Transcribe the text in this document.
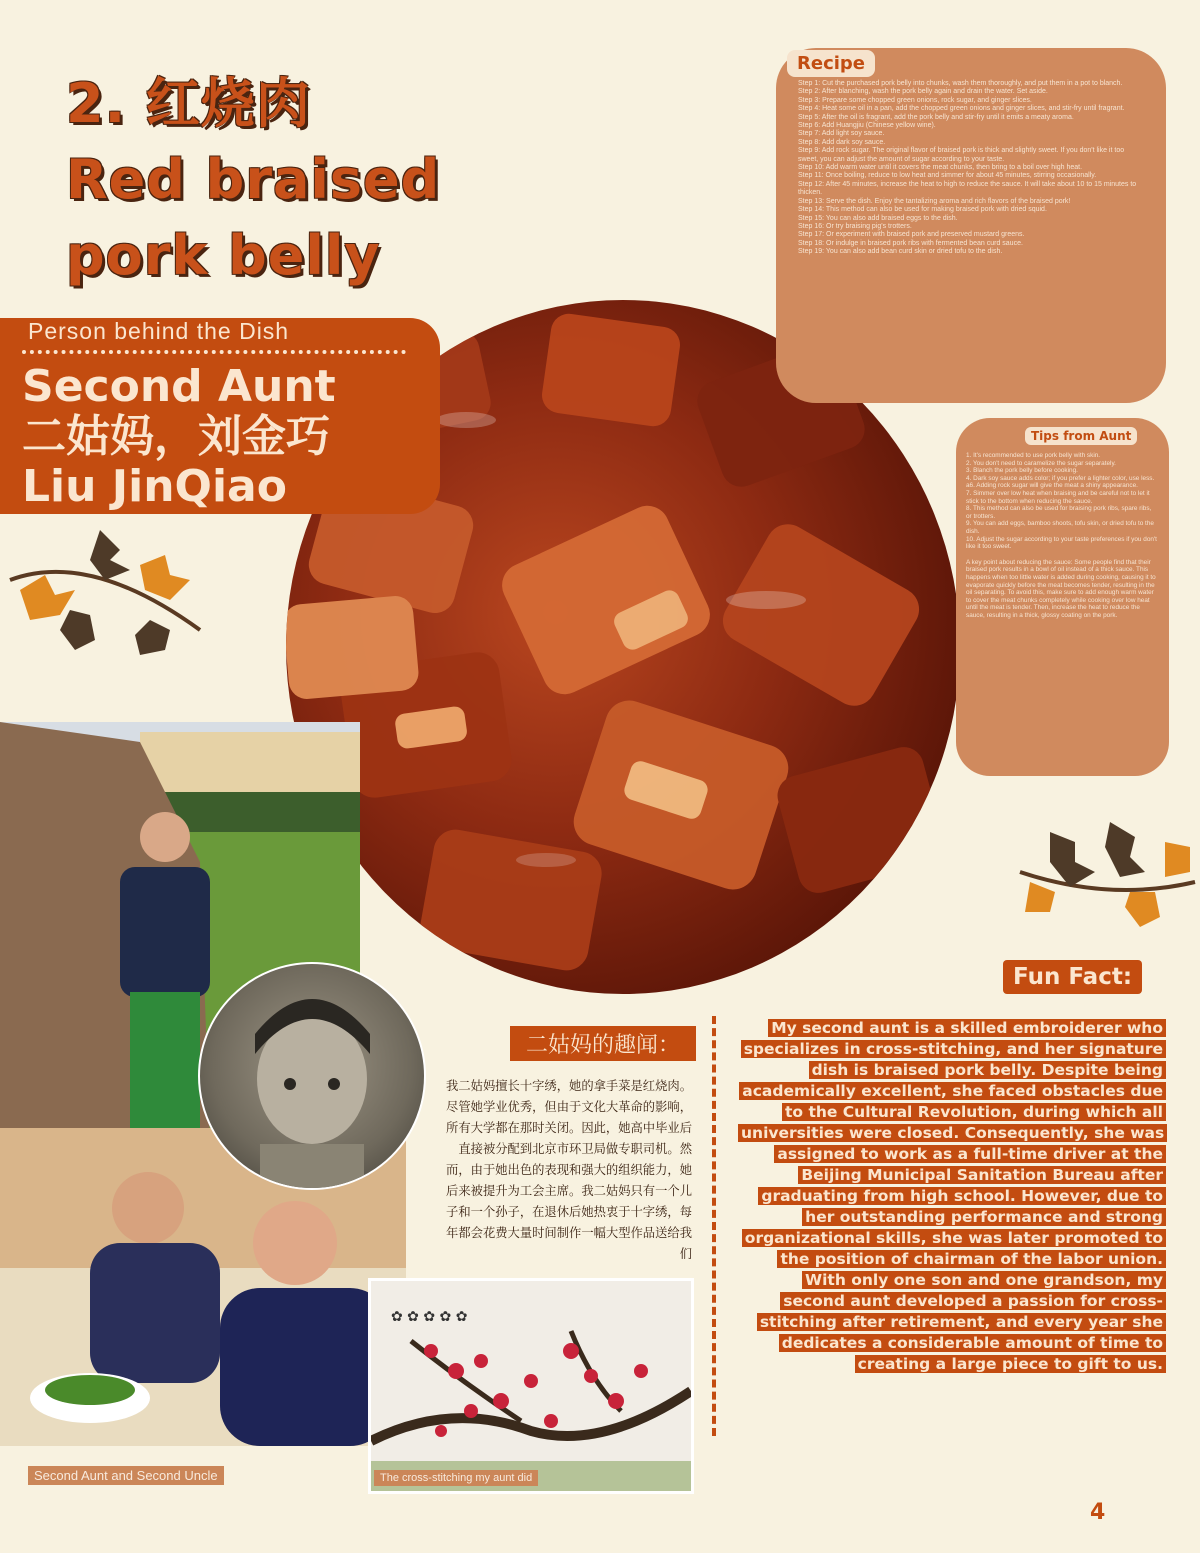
2. 红烧肉
Red braised
pork belly
Step 1: Cut the purchased pork belly into chunks, wash them thoroughly, and put them in a pot to blanch.
Step 2: After blanching, wash the pork belly again and drain the water. Set aside.
Step 3: Prepare some chopped green onions, rock sugar, and ginger slices.
Step 4: Heat some oil in a pan, add the chopped green onions and ginger slices, and stir-fry until fragrant.
Step 5: After the oil is fragrant, add the pork belly and stir-fry until it emits a meaty aroma.
Step 6: Add Huangjiu (Chinese yellow wine).
Step 7: Add light soy sauce.
Step 8: Add dark soy sauce.
Step 9: Add rock sugar. The original flavor of braised pork is thick and slightly sweet. If you don't like it too sweet, you can adjust the amount of sugar according to your taste.
Step 10: Add warm water until it covers the meat chunks, then bring to a boil over high heat.
Step 11: Once boiling, reduce to low heat and simmer for about 45 minutes, stirring occasionally.
Step 12: After 45 minutes, increase the heat to high to reduce the sauce. It will take about 10 to 15 minutes to thicken.
Step 13: Serve the dish. Enjoy the tantalizing aroma and rich flavors of the braised pork!
Step 14: This method can also be used for making braised pork with dried squid.
Step 15: You can also add braised eggs to the dish.
Step 16: Or try braising pig's trotters.
Step 17: Or experiment with braised pork and preserved mustard greens.
Step 18: Or indulge in braised pork ribs with fermented bean curd sauce.
Step 19: You can also add bean curd skin or dried tofu to the dish.
Recipe
1. It's recommended to use pork belly with skin.
2. You don't need to caramelize the sugar separately.
3. Blanch the pork belly before cooking.
4. Dark soy sauce adds color; if you prefer a lighter color, use less.
a6. Adding rock sugar will give the meat a shiny appearance.
7. Simmer over low heat when braising and be careful not to let it stick to the bottom when reducing the sauce.
8. This method can also be used for braising pork ribs, spare ribs, or trotters.
9. You can add eggs, bamboo shoots, tofu skin, or dried tofu to the dish.
10. Adjust the sugar according to your taste preferences if you don't like it too sweet.

A key point about reducing the sauce: Some people find that their braised pork results in a bowl of oil instead of a thick sauce. This happens when too little water is added during cooking, causing it to evaporate quickly before the meat becomes tender, resulting in the oil separating. To avoid this, make sure to add enough warm water to cover the meat chunks completely while cooking over low heat until the meat is tender. Then, increase the heat to reduce the sauce, resulting in a thick, glossy coating on the pork.

Tips from Aunt
Person behind the Dish
Second Aunt
二姑妈，刘金巧
Liu JinQiao
✿ ✿ ✿ ✿ ✿
Second Aunt and Second Uncle	The cross-stitching my aunt did
二姑妈的趣闻：
我二姑妈擅长十字绣，她的拿手菜是红烧肉。尽管她学业优秀，但由于文化大革命的影响，所有大学都在那时关闭。因此，她高中毕业后直接被分配到北京市环卫局做专职司机。然而，由于她出色的表现和强大的组织能力，她后来被提升为工会主席。我二姑妈只有一个儿子和一个孙子，在退休后她热衷于十字绣，每年都会花费大量时间制作一幅大型作品送给我们
Fun Fact:
My second aunt is a skilled embroiderer who specializes in cross-stitching, and her signature dish is braised pork belly. Despite being academically excellent, she faced obstacles due to the Cultural Revolution, during which all universities were closed. Consequently, she was assigned to work as a full-time driver at the Beijing Municipal Sanitation Bureau after graduating from high school. However, due to her outstanding performance and strong organizational skills, she was later promoted to the position of chairman of the labor union. With only one son and one grandson, my second aunt developed a passion for cross-stitching after retirement, and every year she dedicates a considerable amount of time to creating a large piece to gift to us.
4
